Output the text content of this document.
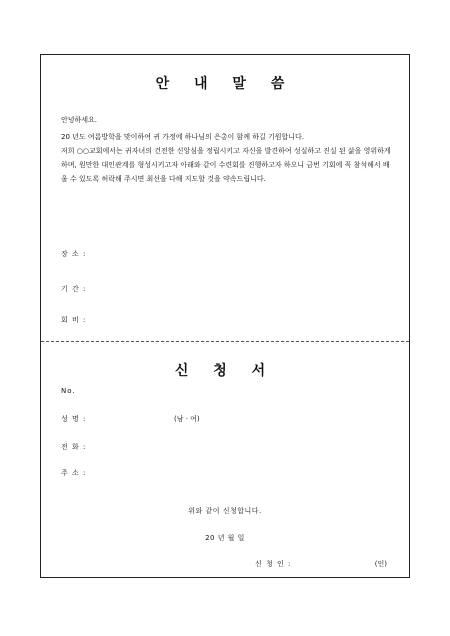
안 내 말 씀
안녕하세요.
20 년도 여름방학을 맞이하여 귀 가정에 하나님의 은총이 함께 하길 기원합니다.
저희 ○○교회에서는 귀자녀의 건전한 신앙심을 정립시키고 자신을 발견하여 성실하고 진실 된 삶을 영위하게 하며, 원만한 대인관계를 형성시키고자 아래와 같이 수련회를 진행하고자 하오니 금번 기회에 꼭 참석해서 배울 수 있도록 허락해 주시면 최선을 다해 지도할 것을 약속드립니다.
장 소 :
기 간 :
회 비 :
신 청 서
No.
성 명 :	(남 · 여)
전 화 :
주 소 :
위와 같이 신청합니다.
20 년 월 일
신 청 인 :	(인)
